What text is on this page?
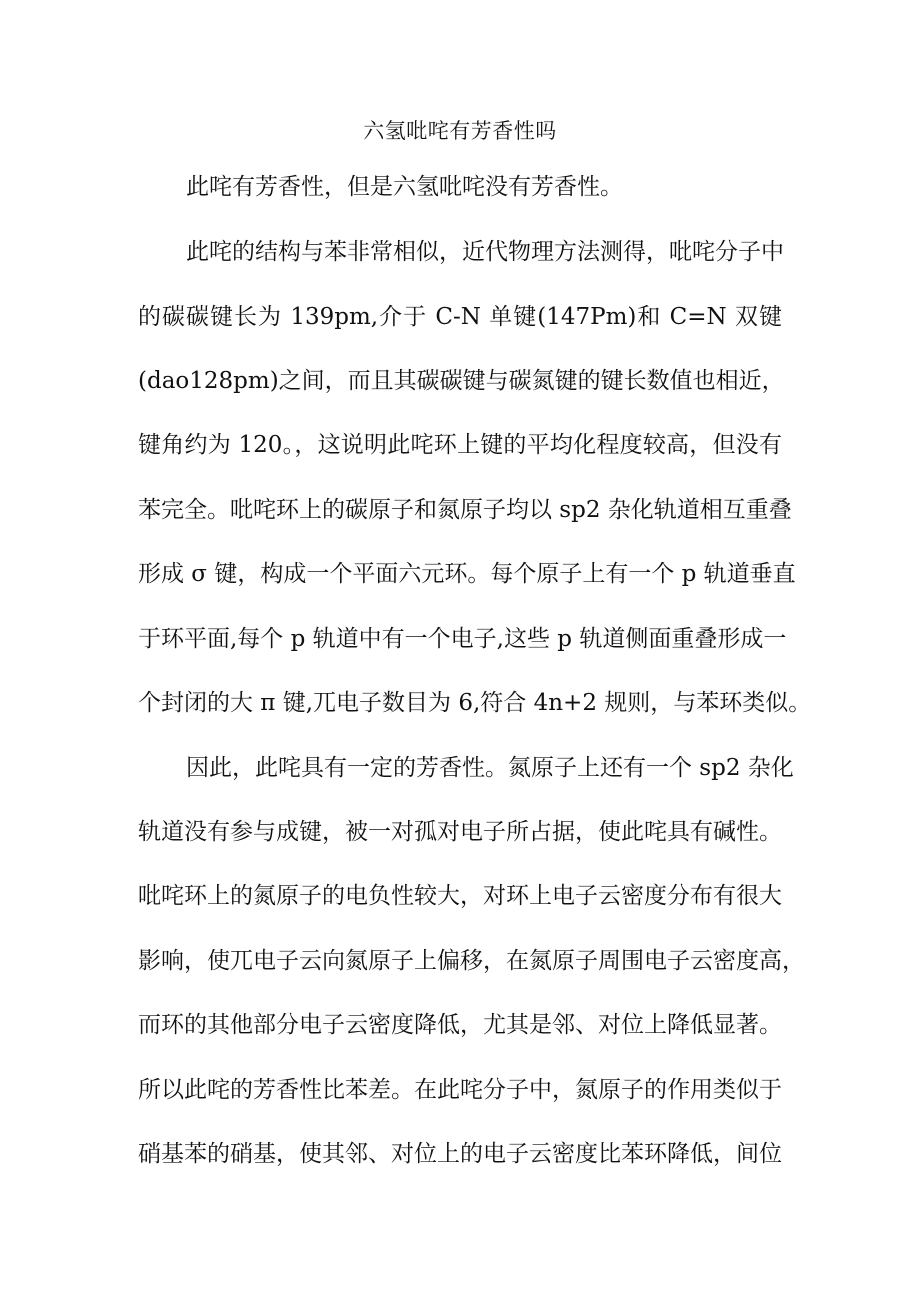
六氢吡咤有芳香性吗
此咤有芳香性，但是六氢吡咤没有芳香性。
此咤的结构与苯非常相似，近代物理方法测得，吡咤分子中
的碳碳键长为 139pm,介于 C-N 单键(147Pm)和 C=N 双键
(dao128pm)之间，而且其碳碳键与碳氮键的键长数值也相近，
键角约为 120。，这说明此咤环上键的平均化程度较高，但没有
苯完全。吡咤环上的碳原子和氮原子均以 sp2 杂化轨道相互重叠
形成 σ 键，构成一个平面六元环。每个原子上有一个 p 轨道垂直
于环平面,每个 p 轨道中有一个电子,这些 p 轨道侧面重叠形成一
个封闭的大 π 键,兀电子数目为 6,符合 4n+2 规则，与苯环类似。
因此，此咤具有一定的芳香性。氮原子上还有一个 sp2 杂化
轨道没有参与成键，被一对孤对电子所占据，使此咤具有碱性。
吡咤环上的氮原子的电负性较大，对环上电子云密度分布有很大
影响，使兀电子云向氮原子上偏移，在氮原子周围电子云密度高，
而环的其他部分电子云密度降低，尤其是邻、对位上降低显著。
所以此咤的芳香性比苯差。在此咤分子中，氮原子的作用类似于
硝基苯的硝基，使其邻、对位上的电子云密度比苯环降低，间位
